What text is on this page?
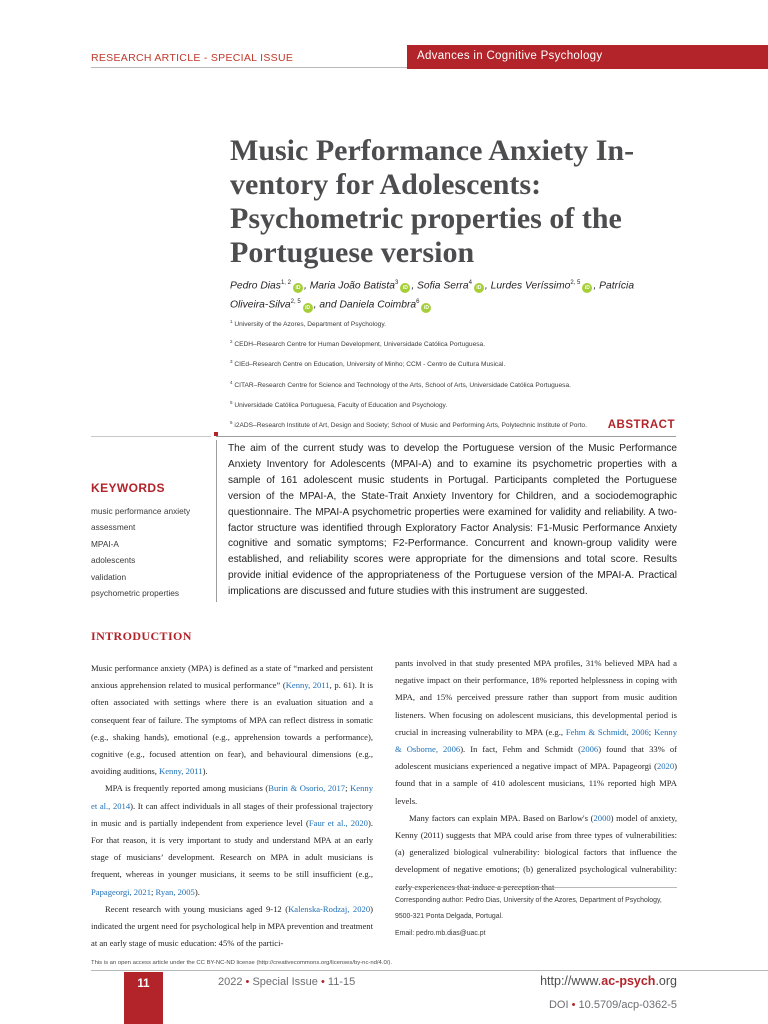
RESEARCH ARTICLE - SPECIAL ISSUE	Advances in Cognitive Psychology
Music Performance Anxiety In-
ventory for Adolescents:
Psychometric properties of the
Portuguese version
Pedro Dias$^{1, 2}$iD , Maria João Batista$^3$iD , Sofia Serra$^4$iD , Lurdes Veríssimo$^{2, 5}$iD , Patrícia Oliveira-Silva$^{2, 5}$iD , and Daniela Coimbra$^6$iD
$^1$ University of the Azores, Department of Psychology.
$^2$ CEDH–Research Centre for Human Development, Universidade Católica Portuguesa.
$^3$ CIEd–Research Centre on Education, University of Minho; CCM - Centro de Cultura Musical.
$^4$ CITAR–Research Centre for Science and Technology of the Arts, School of Arts, Universidade Católica Portuguesa.
$^5$ Universidade Católica Portuguesa, Faculty of Education and Psychology.
$^6$ i2ADS–Research Institute of Art, Design and Society; School of Music and Performing Arts, Polytechnic Institute of Porto.	ABSTRACT

The aim of the current study was to develop the Portuguese version of the Music Performance Anxiety Inventory for Adolescents (MPAI-A) and to examine its psychometric properties with a sample of 161 adolescent music students in Portugal. Participants completed the Portuguese version of the MPAI-A, the State-Trait Anxiety Inventory for Children, and a sociodemographic questionnaire. The MPAI-A psychometric properties were examined for validity and reliability. A two-factor structure was identified through Exploratory Factor Analysis: F1-Music Performance Anxiety cognitive and somatic symptoms; F2-Performance. Concurrent and known-group validity were established, and reliability scores were appropriate for the dimensions and total score. Results provide initial evidence of the appropriateness of the Portuguese version of the MPAI-A. Practical implications are discussed and future studies with this instrument are suggested.

KEYWORDS
music performance anxiety
assessment
MPAI-A
adolescents
validation
psychometric properties
INTRODUCTION

Music performance anxiety (MPA) is defined as a state of “marked and persistent anxious apprehension related to musical performance” (Kenny, 2011, p. 61). It is often associated with settings where there is an evaluation situation and a consequent fear of failure. The symptoms of MPA can reflect distress in somatic (e.g., shaking hands), emotional (e.g., apprehension towards a performance), cognitive (e.g., focused attention on fear), and behavioural dimensions (e.g., avoiding auditions, Kenny, 2011).

MPA is frequently reported among musicians (Burin & Osorio, 2017; Kenny et al., 2014). It can affect individuals in all stages of their professional trajectory in music and is partially independent from experience level (Faur et al., 2020). For that reason, it is very important to study and understand MPA at an early stage of musicians’ development. Research on MPA in adult musicians is frequent, whereas in younger musicians, it seems to be still insufficient (e.g., Papageorgi, 2021; Ryan, 2005).

Recent research with young musicians aged 9-12 (Kalenska-Rodzaj, 2020) indicated the urgent need for psychological help in MPA prevention and treatment at an early stage of music education: 45% of the partici-

pants involved in that study presented MPA profiles, 31% believed MPA had a negative impact on their performance, 18% reported helplessness in coping with MPA, and 15% perceived pressure rather than support from music audition listeners. When focusing on adolescent musicians, this developmental period is crucial in increasing vulnerability to MPA (e.g., Fehm & Schmidt, 2006; Kenny & Osborne, 2006). In fact, Fehm and Schmidt (2006) found that 33% of adolescent musicians experienced a negative impact of MPA. Papageorgi (2020) found that in a sample of 410 adolescent musicians, 11% reported high MPA levels.

Many factors can explain MPA. Based on Barlow's (2000) model of anxiety, Kenny (2011) suggests that MPA could arise from three types of vulnerabilities: (a) generalized biological vulnerability: biological factors that influence the development of negative emotions; (b) generalized psychological vulnerability:

Corresponding author: Pedro Dias, University of the Azores, Department of Psychology, 9500-321 Ponta Delgada, Portugal.
Email: pedro.mb.dias@uac.pt
This is an open access article under the CC BY-NC-ND license (http://creativecommons.org/licenses/by-nc-nd/4.0/).
11	2022 • Special Issue • 11-15	http://www.ac-psych.org
DOI • 10.5709/acp-0362-5
